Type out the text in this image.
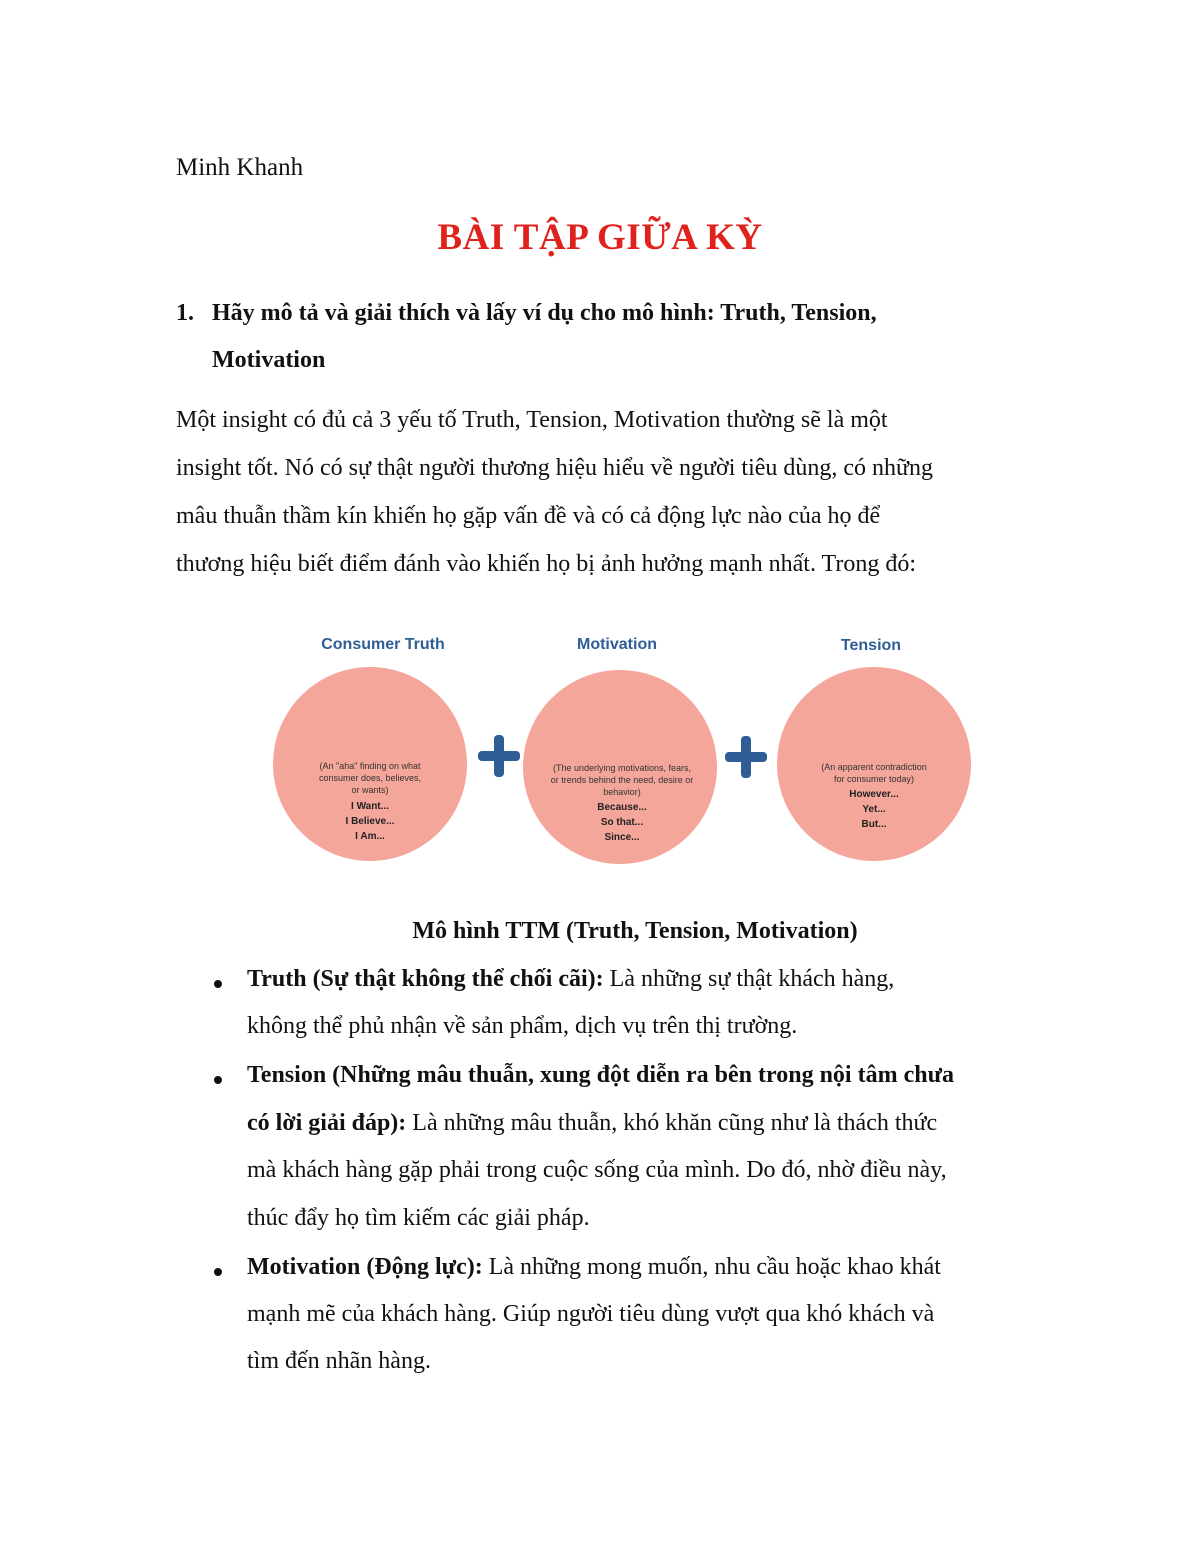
Minh Khanh
BÀI TẬP GIỮA KỲ
1. Hãy mô tả và giải thích và lấy ví dụ cho mô hình: Truth, Tension,
Motivation
Một insight có đủ cả 3 yếu tố Truth, Tension, Motivation thường sẽ là một
insight tốt. Nó có sự thật người thương hiệu hiểu về người tiêu dùng, có những
mâu thuẫn thầm kín khiến họ gặp vấn đề và có cả động lực nào của họ để
thương hiệu biết điểm đánh vào khiến họ bị ảnh hưởng mạnh nhất. Trong đó:
Consumer Truth
(An "aha" finding on what
consumer does, believes,
or wants)
I Want...
I Believe...
I Am...
Motivation
(The underlying motivations, fears,
or trends behind the need, desire or
behavior)
Because...
So that...
Since...
Tension
(An apparent contradiction
for consumer today)
However...
Yet...
But...
Mô hình TTM (Truth, Tension, Motivation)
Truth (Sự thật không thể chối cãi): Là những sự thật khách hàng,
không thể phủ nhận về sản phẩm, dịch vụ trên thị trường.
Tension (Những mâu thuẫn, xung đột diễn ra bên trong nội tâm chưa
có lời giải đáp): Là những mâu thuẫn, khó khăn cũng như là thách thức
mà khách hàng gặp phải trong cuộc sống của mình. Do đó, nhờ điều này,
thúc đẩy họ tìm kiếm các giải pháp.
Motivation (Động lực): Là những mong muốn, nhu cầu hoặc khao khát
mạnh mẽ của khách hàng. Giúp người tiêu dùng vượt qua khó khách và
tìm đến nhãn hàng.
